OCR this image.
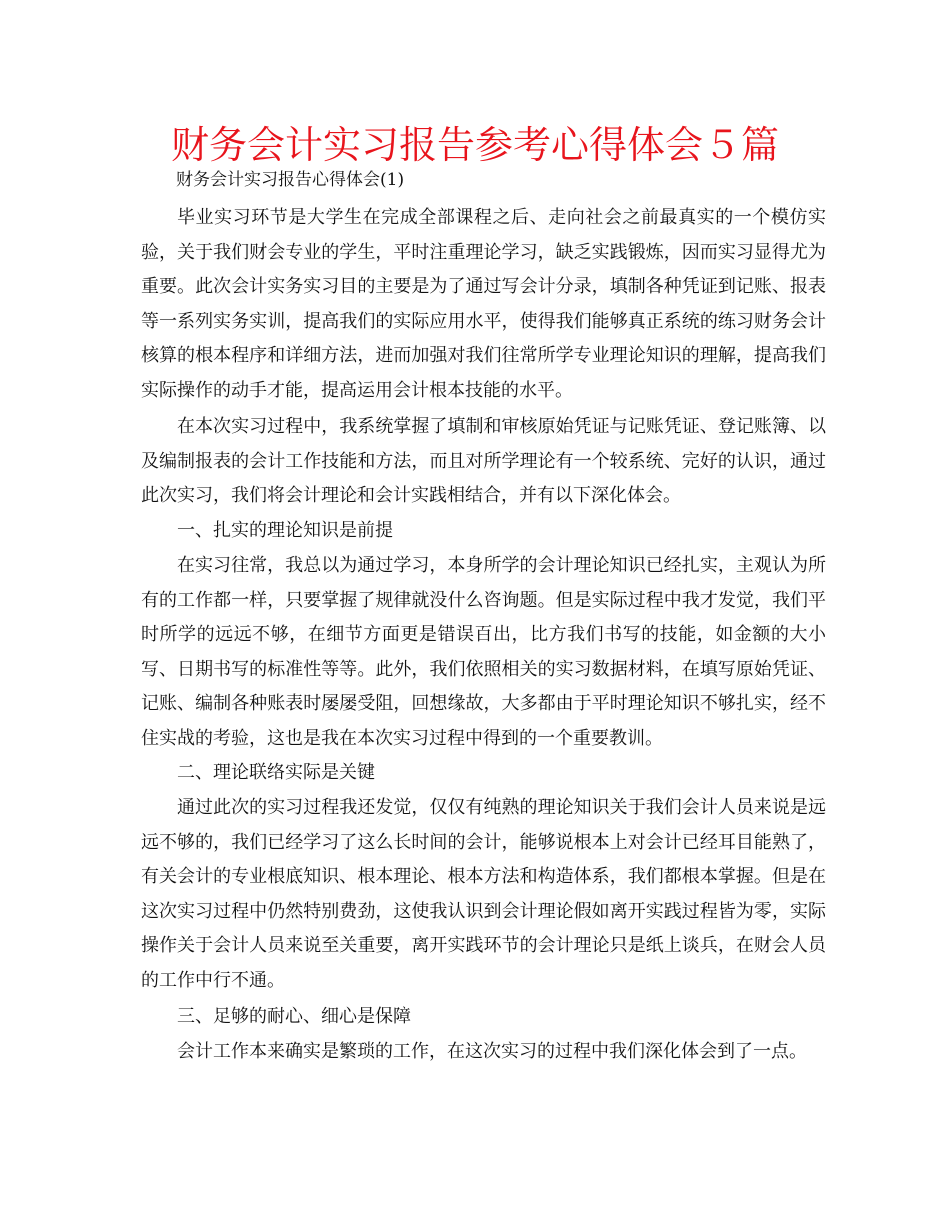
财务会计实习报告参考心得体会５篇

财务会计实习报告心得体会(1)

毕业实习环节是大学生在完成全部课程之后、走向社会之前最真实的一个模仿实验，关于我们财会专业的学生，平时注重理论学习，缺乏实践锻炼，因而实习显得尤为重要。此次会计实务实习目的主要是为了通过写会计分录，填制各种凭证到记账、报表等一系列实务实训，提高我们的实际应用水平，使得我们能够真正系统的练习财务会计核算的根本程序和详细方法，进而加强对我们往常所学专业理论知识的理解，提高我们实际操作的动手才能，提高运用会计根本技能的水平。

在本次实习过程中，我系统掌握了填制和审核原始凭证与记账凭证、登记账簿、以及编制报表的会计工作技能和方法，而且对所学理论有一个较系统、完好的认识，通过此次实习，我们将会计理论和会计实践相结合，并有以下深化体会。

一、扎实的理论知识是前提

在实习往常，我总以为通过学习，本身所学的会计理论知识已经扎实，主观认为所有的工作都一样，只要掌握了规律就没什么咨询题。但是实际过程中我才发觉，我们平时所学的远远不够，在细节方面更是错误百出，比方我们书写的技能，如金额的大小写、日期书写的标准性等等。此外，我们依照相关的实习数据材料，在填写原始凭证、记账、编制各种账表时屡屡受阻，回想缘故，大多都由于平时理论知识不够扎实，经不住实战的考验，这也是我在本次实习过程中得到的一个重要教训。

二、理论联络实际是关键

通过此次的实习过程我还发觉，仅仅有纯熟的理论知识关于我们会计人员来说是远远不够的，我们已经学习了这么长时间的会计，能够说根本上对会计已经耳目能熟了，有关会计的专业根底知识、根本理论、根本方法和构造体系，我们都根本掌握。但是在这次实习过程中仍然特别费劲，这使我认识到会计理论假如离开实践过程皆为零，实际操作关于会计人员来说至关重要，离开实践环节的会计理论只是纸上谈兵，在财会人员的工作中行不通。

三、足够的耐心、细心是保障

会计工作本来确实是繁琐的工作，在这次实习的过程中我们深化体会到了一点。
